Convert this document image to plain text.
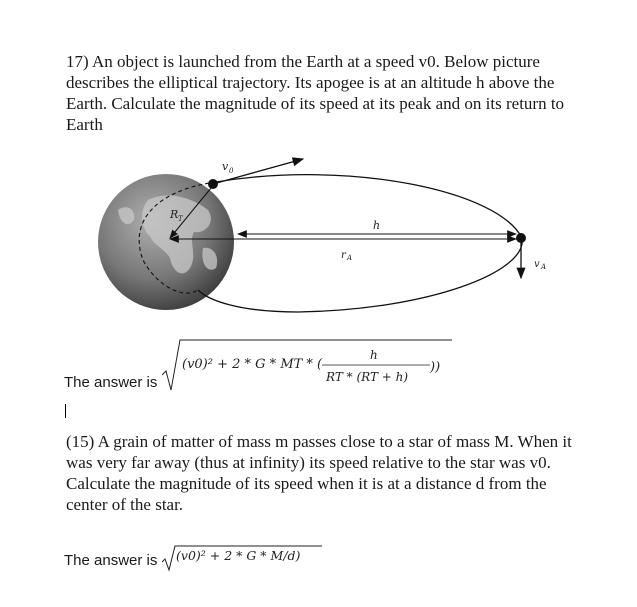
17) An object is launched from the Earth at a speed v0. Below picture describes the elliptical trajectory. Its apogee is at an altitude h above the Earth. Calculate the magnitude of its speed at its peak and on its return to Earth

v 0
R T
r A
h
v A
The answer is
(v0)² + 2 * G * MT * (
h
RT * (RT + h)
))

(15) A grain of matter of mass m passes close to a star of mass M. When it was very far away (thus at infinity) its speed relative to the star was v0. Calculate the magnitude of its speed when it is at a distance d from the center of the star.

The answer is (v0)² + 2 * G * M/d)
